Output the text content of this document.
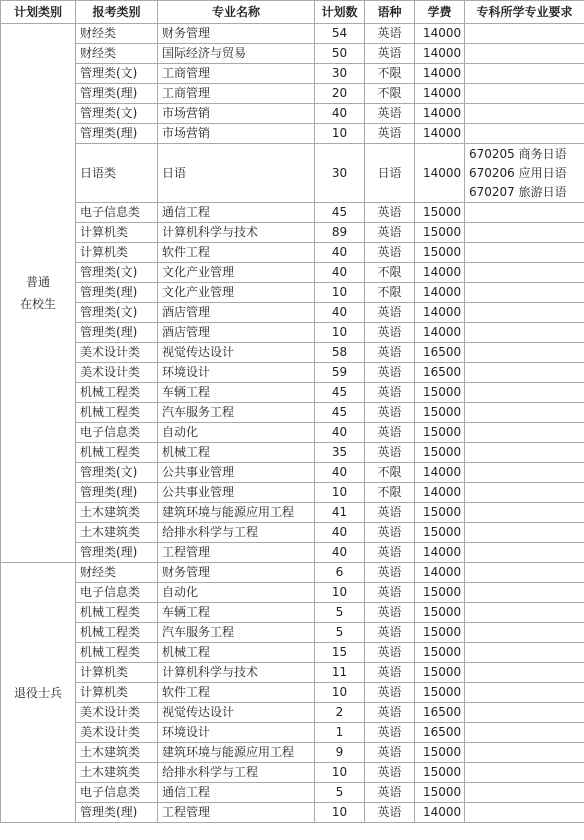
计划类别	报考类别	专业名称	计划数	语种	学费	专科所学专业要求
普通
在校生	财经类	财务管理	54	英语	14000	
	财经类	国际经济与贸易	50	英语	14000	
	管理类(文)	工商管理	30	不限	14000	
	管理类(理)	工商管理	20	不限	14000	
	管理类(文)	市场营销	40	英语	14000	
	管理类(理)	市场营销	10	英语	14000	
	日语类	日语	30	日语	14000	670205 商务日语
670206 应用日语
670207 旅游日语

	电子信息类	通信工程	45	英语	15000	
	计算机类	计算机科学与技术	89	英语	15000	
	计算机类	软件工程	40	英语	15000	
	管理类(文)	文化产业管理	40	不限	14000	
	管理类(理)	文化产业管理	10	不限	14000	
	管理类(文)	酒店管理	40	英语	14000	
	管理类(理)	酒店管理	10	英语	14000	
	美术设计类	视觉传达设计	58	英语	16500	
	美术设计类	环境设计	59	英语	16500	
	机械工程类	车辆工程	45	英语	15000	
	机械工程类	汽车服务工程	45	英语	15000	
	电子信息类	自动化	40	英语	15000	
	机械工程类	机械工程	35	英语	15000	
	管理类(文)	公共事业管理	40	不限	14000	
	管理类(理)	公共事业管理	10	不限	14000	
	土木建筑类	建筑环境与能源应用工程	41	英语	15000	
	土木建筑类	给排水科学与工程	40	英语	15000	
	管理类(理)	工程管理	40	英语	14000	
退役士兵	财经类	财务管理	6	英语	14000	
	电子信息类	自动化	10	英语	15000	
	机械工程类	车辆工程	5	英语	15000	
	机械工程类	汽车服务工程	5	英语	15000	
	机械工程类	机械工程	15	英语	15000	
	计算机类	计算机科学与技术	11	英语	15000	
	计算机类	软件工程	10	英语	15000	
	美术设计类	视觉传达设计	2	英语	16500	
	美术设计类	环境设计	1	英语	16500	
	土木建筑类	建筑环境与能源应用工程	9	英语	15000	
	土木建筑类	给排水科学与工程	10	英语	15000	
	电子信息类	通信工程	5	英语	15000	
	管理类(理)	工程管理	10	英语	14000	
